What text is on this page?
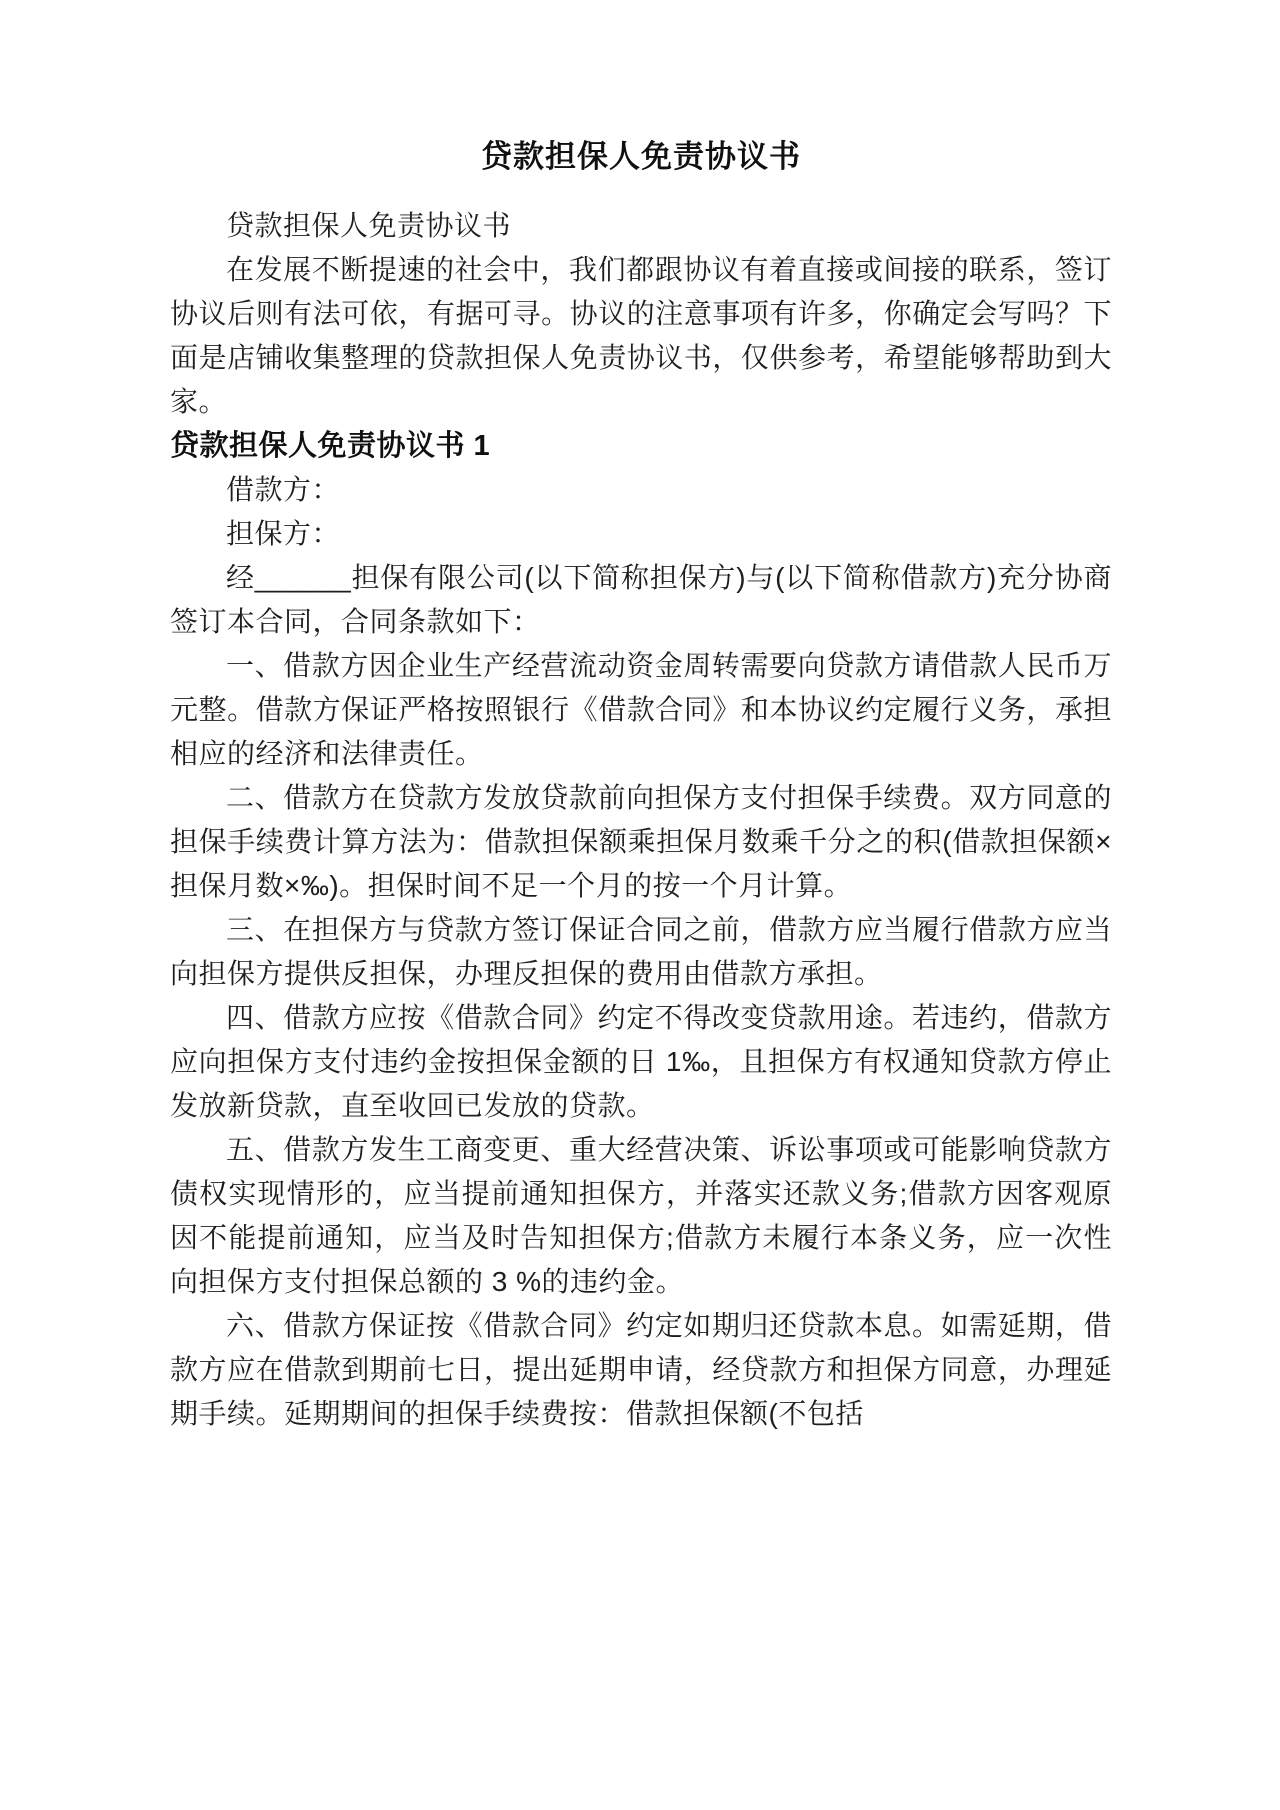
贷款担保人免责协议书

贷款担保人免责协议书

在发展不断提速的社会中，我们都跟协议有着直接或间接的联系，签订协议后则有法可依，有据可寻。协议的注意事项有许多，你确定会写吗？下面是店铺收集整理的贷款担保人免责协议书，仅供参考，希望能够帮助到大家。

贷款担保人免责协议书 1

借款方：

担保方：

经______担保有限公司(以下简称担保方)与(以下简称借款方)充分协商签订本合同，合同条款如下：

一、借款方因企业生产经营流动资金周转需要向贷款方请借款人民币万元整。借款方保证严格按照银行《借款合同》和本协议约定履行义务，承担相应的经济和法律责任。

二、借款方在贷款方发放贷款前向担保方支付担保手续费。双方同意的担保手续费计算方法为：借款担保额乘担保月数乘千分之的积(借款担保额×担保月数×‰)。担保时间不足一个月的按一个月计算。

三、在担保方与贷款方签订保证合同之前，借款方应当履行借款方应当向担保方提供反担保，办理反担保的费用由借款方承担。

四、借款方应按《借款合同》约定不得改变贷款用途。若违约，借款方应向担保方支付违约金按担保金额的日 1‰，且担保方有权通知贷款方停止发放新贷款，直至收回已发放的贷款。

五、借款方发生工商变更、重大经营决策、诉讼事项或可能影响贷款方债权实现情形的，应当提前通知担保方，并落实还款义务;借款方因客观原因不能提前通知，应当及时告知担保方;借款方未履行本条义务，应一次性向担保方支付担保总额的 3 %的违约金。

六、借款方保证按《借款合同》约定如期归还贷款本息。如需延期，借款方应在借款到期前七日，提出延期申请，经贷款方和担保方同意，办理延期手续。延期期间的担保手续费按：借款担保额(不包括
